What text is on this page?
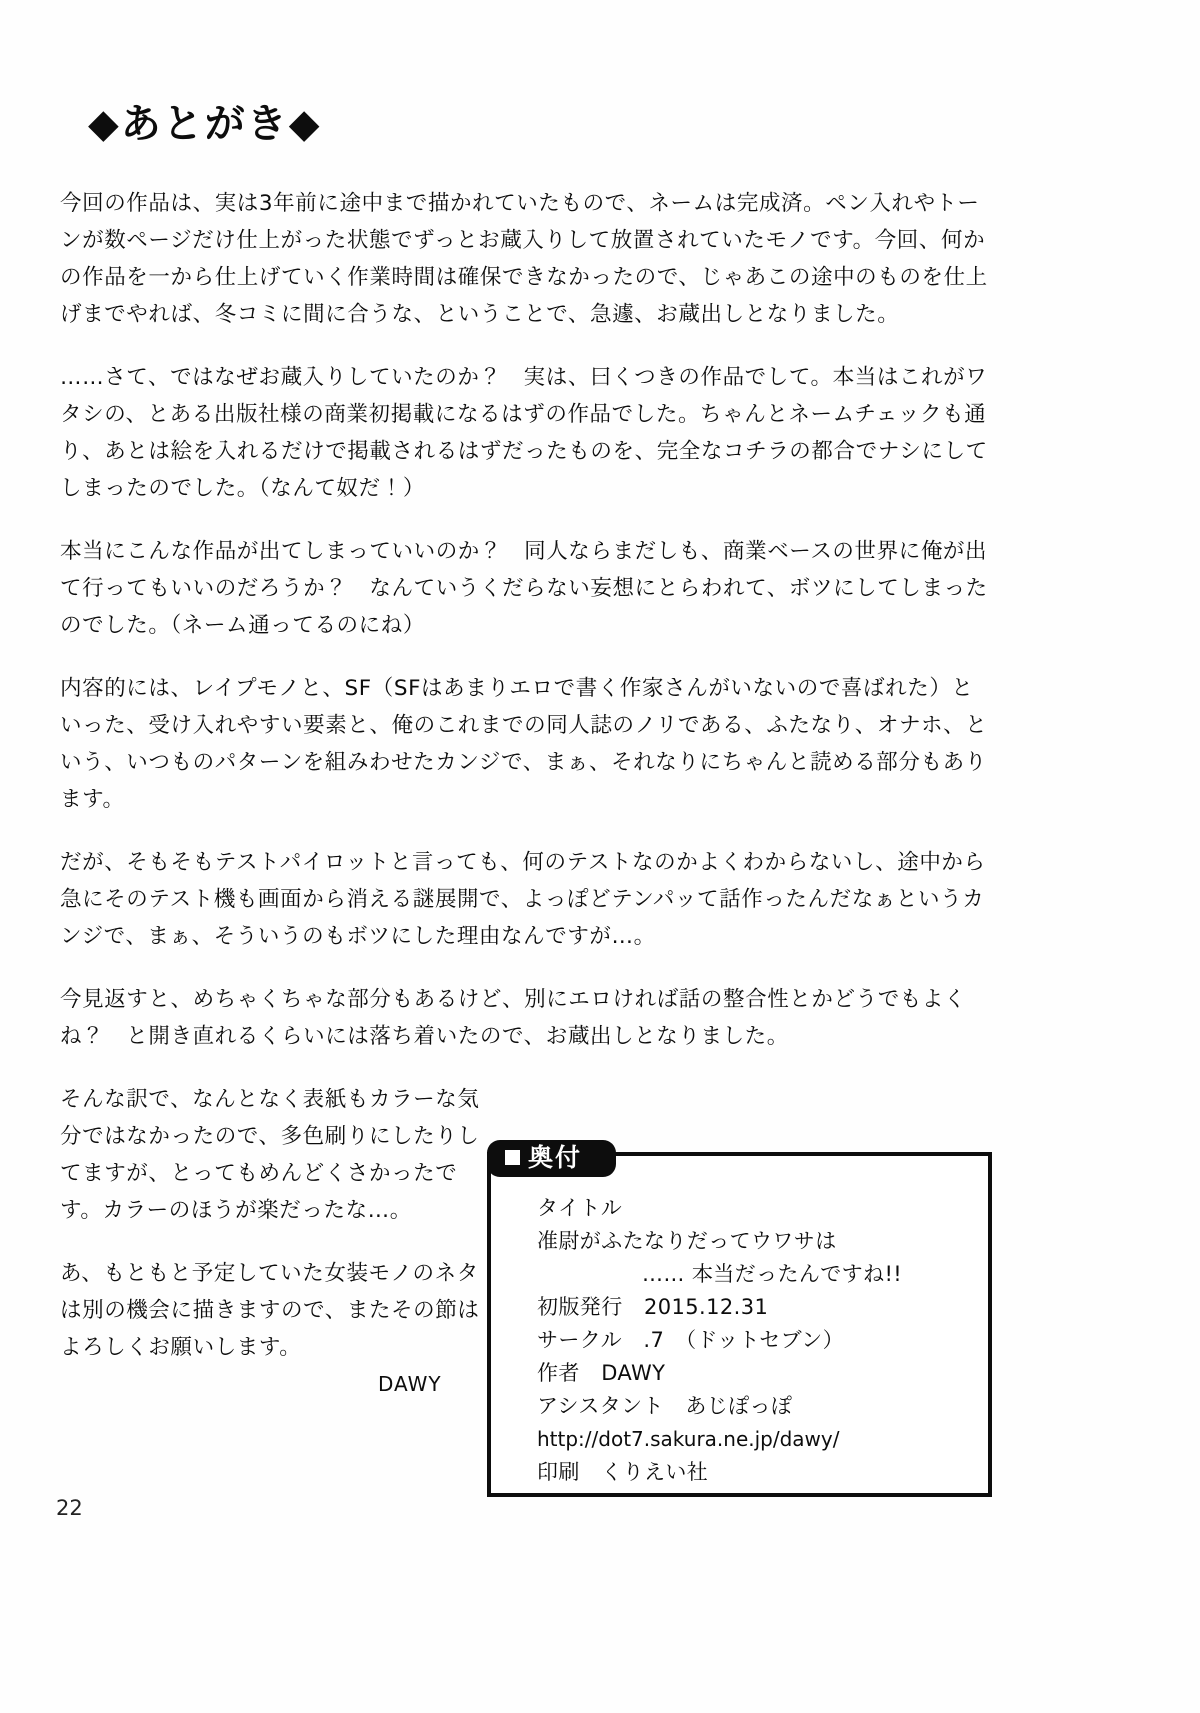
◆あとがき◆

今回の作品は、実は3年前に途中まで描かれていたもので、ネームは完成済。ペン入れやトーンが数ページだけ仕上がった状態でずっとお蔵入りして放置されていたモノです。今回、何かの作品を一から仕上げていく作業時間は確保できなかったので、じゃあこの途中のものを仕上げまでやれば、冬コミに間に合うな、ということで、急遽、お蔵出しとなりました。

……さて、ではなぜお蔵入りしていたのか？　実は、曰くつきの作品でして。本当はこれがワタシの、とある出版社様の商業初掲載になるはずの作品でした。ちゃんとネームチェックも通り、あとは絵を入れるだけで掲載されるはずだったものを、完全なコチラの都合でナシにしてしまったのでした。（なんて奴だ！）

本当にこんな作品が出てしまっていいのか？　同人ならまだしも、商業ベースの世界に俺が出て行ってもいいのだろうか？　なんていうくだらない妄想にとらわれて、ボツにしてしまったのでした。（ネーム通ってるのにね）

内容的には、レイプモノと、SF（SFはあまりエロで書く作家さんがいないので喜ばれた）といった、受け入れやすい要素と、俺のこれまでの同人誌のノリである、ふたなり、オナホ、という、いつものパターンを組みわせたカンジで、まぁ、それなりにちゃんと読める部分もあります。

だが、そもそもテストパイロットと言っても、何のテストなのかよくわからないし、途中から急にそのテスト機も画面から消える謎展開で、よっぽどテンパッて話作ったんだなぁというカンジで、まぁ、そういうのもボツにした理由なんですが…。

今見返すと、めちゃくちゃな部分もあるけど、別にエロければ話の整合性とかどうでもよくね？　と開き直れるくらいには落ち着いたので、お蔵出しとなりました。

そんな訳で、なんとなく表紙もカラーな気分ではなかったので、多色刷りにしたりしてますが、とってもめんどくさかったです。カラーのほうが楽だったな…。

あ、もともと予定していた女装モノのネタは別の機会に描きますので、またその節はよろしくお願いします。

DAWY
奥付
タイトル
准尉がふたなりだってウワサは
…… 本当だったんですね!!
初版発行　2015.12.31
サークル　.7　（ドットセブン）
作者　DAWY
アシスタント　あじぽっぽ
http://dot7.sakura.ne.jp/dawy/
印刷　くりえい社
22
